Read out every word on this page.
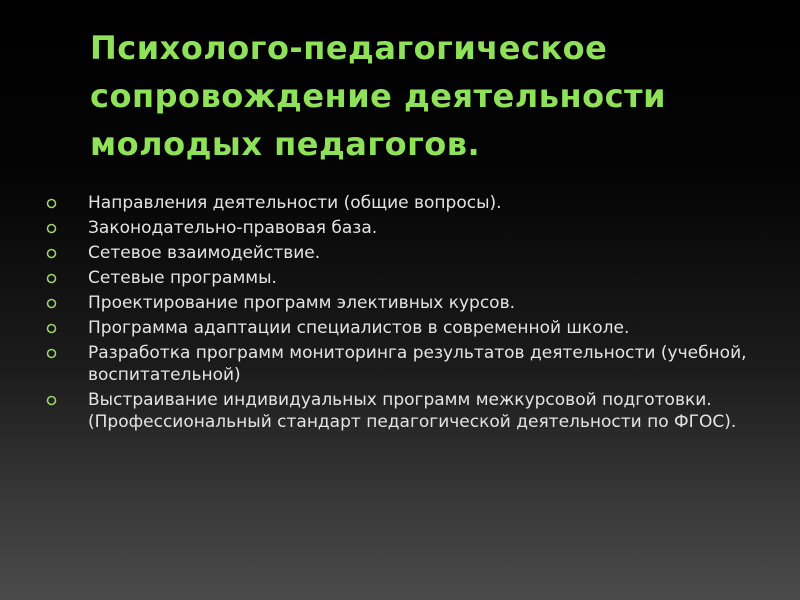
Психолого-педагогическое
сопровождение деятельности
молодых педагогов.
Направления деятельности (общие вопросы).
Законодательно-правовая база.
Сетевое взаимодействие.
Сетевые программы.
Проектирование программ элективных курсов.
Программа адаптации специалистов в современной школе.
Разработка программ мониторинга результатов деятельности (учебной, воспитательной)
Выстраивание индивидуальных программ межкурсовой подготовки. (Профессиональный стандарт педагогической деятельности по ФГОС).
